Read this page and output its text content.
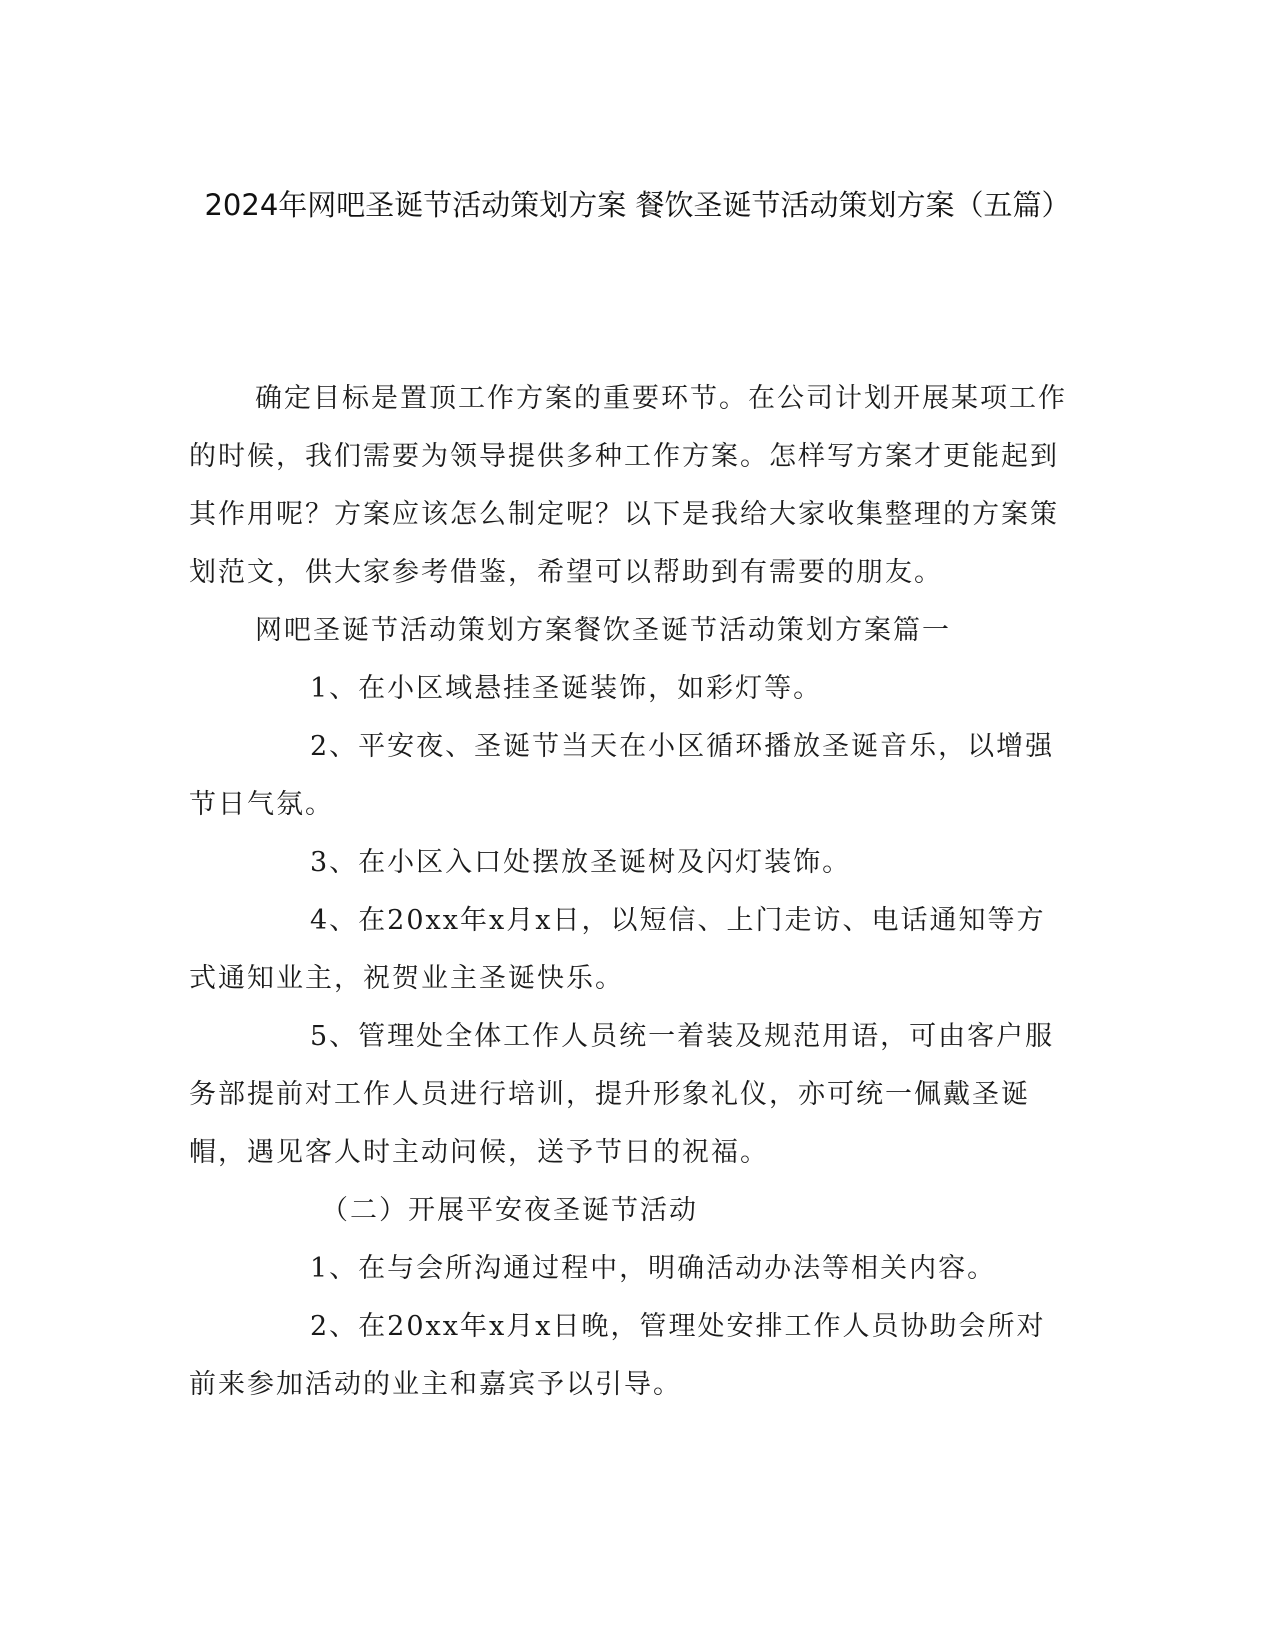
2024年网吧圣诞节活动策划方案 餐饮圣诞节活动策划方案（五篇）

确定目标是置顶工作方案的重要环节。在公司计划开展某项工作的时候，我们需要为领导提供多种工作方案。怎样写方案才更能起到其作用呢？方案应该怎么制定呢？以下是我给大家收集整理的方案策划范文，供大家参考借鉴，希望可以帮助到有需要的朋友。

网吧圣诞节活动策划方案餐饮圣诞节活动策划方案篇一

1、在小区域悬挂圣诞装饰，如彩灯等。

2、平安夜、圣诞节当天在小区循环播放圣诞音乐，以增强节日气氛。

3、在小区入口处摆放圣诞树及闪灯装饰。

4、在20xx年x月x日，以短信、上门走访、电话通知等方式通知业主，祝贺业主圣诞快乐。

5、管理处全体工作人员统一着装及规范用语，可由客户服务部提前对工作人员进行培训，提升形象礼仪，亦可统一佩戴圣诞帽，遇见客人时主动问候，送予节日的祝福。

（二）开展平安夜圣诞节活动

1、在与会所沟通过程中，明确活动办法等相关内容。

2、在20xx年x月x日晚，管理处安排工作人员协助会所对前来参加活动的业主和嘉宾予以引导。
